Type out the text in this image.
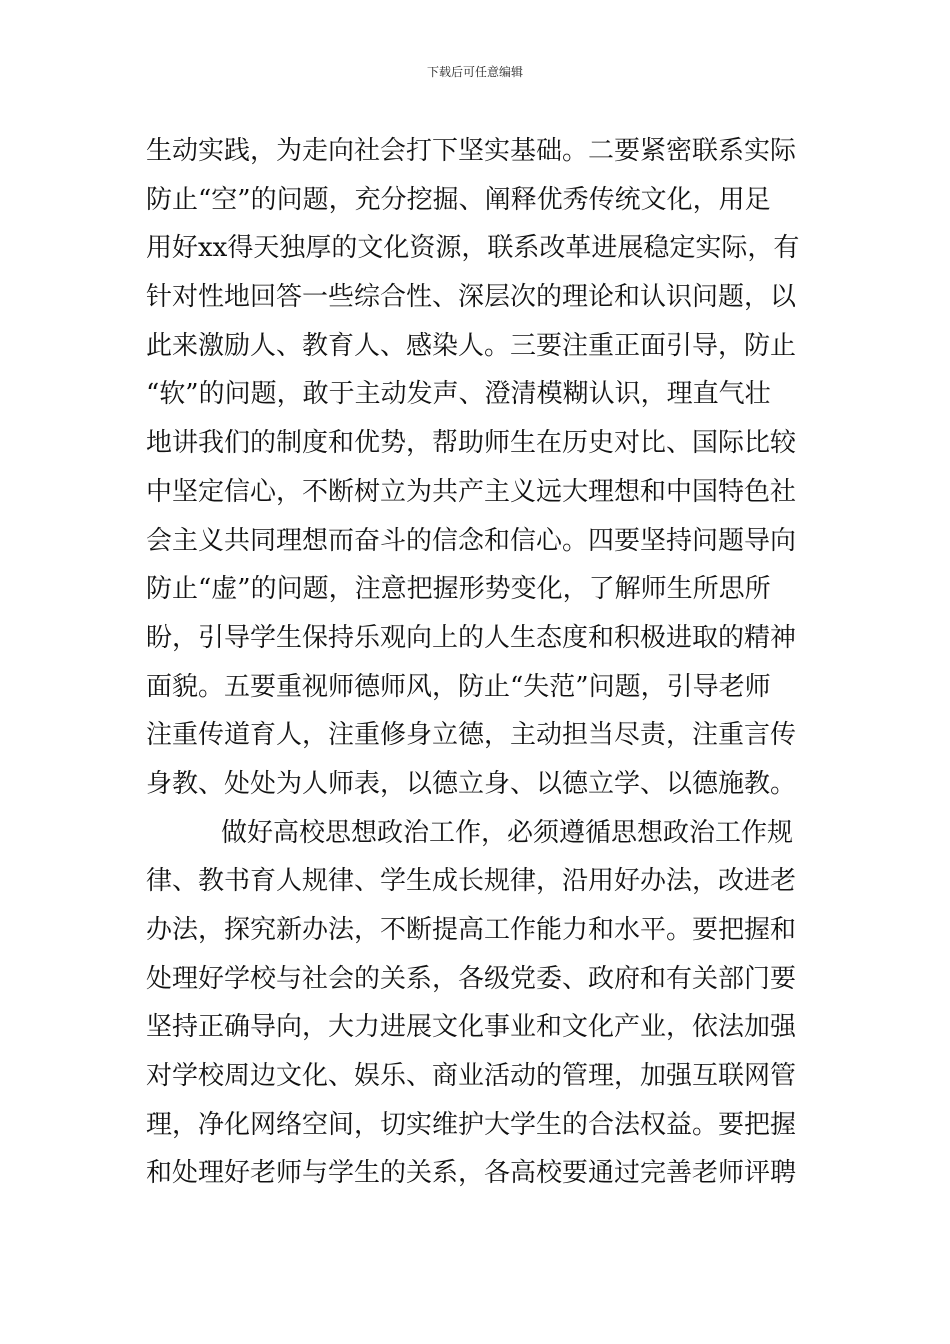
下载后可任意编辑
生动实践，为走向社会打下坚实基础。二要紧密联系实际
防止“空”的问题，充分挖掘、阐释优秀传统文化，用足
用好xx得天独厚的文化资源，联系改革进展稳定实际，有
针对性地回答一些综合性、深层次的理论和认识问题，以
此来激励人、教育人、感染人。三要注重正面引导，防止
“软”的问题，敢于主动发声、澄清模糊认识，理直气壮
地讲我们的制度和优势，帮助师生在历史对比、国际比较
中坚定信心，不断树立为共产主义远大理想和中国特色社
会主义共同理想而奋斗的信念和信心。四要坚持问题导向
防止“虚”的问题，注意把握形势变化，了解师生所思所
盼，引导学生保持乐观向上的人生态度和积极进取的精神
面貌。五要重视师德师风，防止“失范”问题，引导老师
注重传道育人，注重修身立德，主动担当尽责，注重言传
身教、处处为人师表，以德立身、以德立学、以德施教。
做好高校思想政治工作，必须遵循思想政治工作规
律、教书育人规律、学生成长规律，沿用好办法，改进老
办法，探究新办法，不断提高工作能力和水平。要把握和
处理好学校与社会的关系，各级党委、政府和有关部门要
坚持正确导向，大力进展文化事业和文化产业，依法加强
对学校周边文化、娱乐、商业活动的管理，加强互联网管
理，净化网络空间，切实维护大学生的合法权益。要把握
和处理好老师与学生的关系，各高校要通过完善老师评聘
